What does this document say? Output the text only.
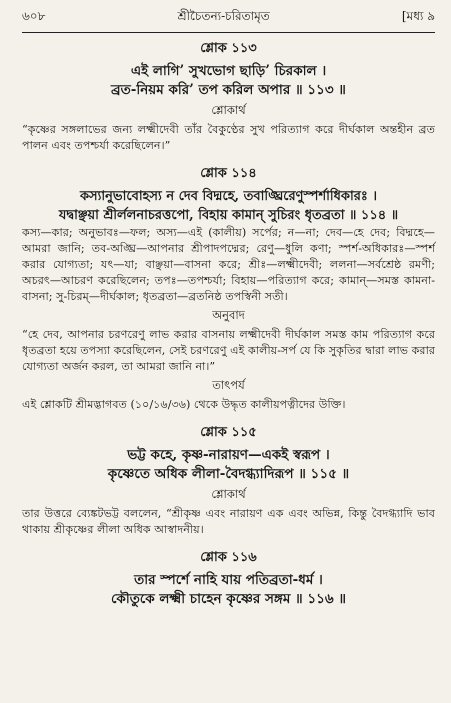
৬০৮	শ্রীচৈতন্য-চরিতামৃত	[মধ্য ৯
শ্লোক ১১৩
এই লাগি’ সুখভোগ ছাড়ি’ চিরকাল ।
ব্রত-নিয়ম করি’ তপ করিল অপার ॥ ১১৩ ॥
শ্লোকার্থ
“কৃষ্ণের সঙ্গলাভের জন্য লক্ষ্মীদেবী তাঁর বৈকুণ্ঠের সুখ পরিত্যাগ করে দীর্ঘকাল অন্তহীন ব্রত পালন এবং তপশ্চর্যা করেছিলেন।”
শ্লোক ১১৪
কস্যানুভাবোহস্য ন দেব বিদ্মহে, তবাঙ্ঘ্রিরেণুস্পর্শাধিকারঃ ।
যদ্বাঞ্ছয়া শ্রীর্ললনাচরত্তপো, বিহায় কামান্ সুচিরং ধৃতব্রতা ॥ ১১৪ ॥
কস্য—কার; অনুভাবঃ—ফল; অস্য—এই (কালীয়) সর্পের; ন—না; দেব—হে দেব; বিদ্মহে—আমরা জানি; তব-অঙ্ঘ্রি—আপনার শ্রীপাদপদ্মের; রেণু—ধুলি কণা; স্পর্শ-অধিকারঃ—স্পর্শ করার যোগ্যতা; যৎ—যা; বাঞ্ছয়া—বাসনা করে; শ্রীঃ—লক্ষ্মীদেবী; ললনা—সর্বশ্রেষ্ঠ রমণী; অচরৎ—আচরণ করেছিলেন; তপঃ—তপশ্চর্যা; বিহায়—পরিত্যাগ করে; কামান্—সমস্ত কামনা-বাসনা; সু-চিরম্—দীর্ঘকাল; ধৃতব্রতা—ব্রতনিষ্ঠ তপস্বিনী সতী।
অনুবাদ
“হে দেব, আপনার চরণরেণু লাভ করার বাসনায় লক্ষ্মীদেবী দীর্ঘকাল সমস্ত কাম পরিত্যাগ করে ধৃতব্রতা হয়ে তপস্যা করেছিলেন, সেই চরণরেণু এই কালীয়-সর্প যে কি সুকৃতির দ্বারা লাভ করার যোগ্যতা অর্জন করল, তা আমরা জানি না।”
তাৎপর্য
এই শ্লোকটি শ্রীমদ্ভাগবত (১০/১৬/৩৬) থেকে উদ্ধৃত কালীয়পত্নীদের উক্তি।
শ্লোক ১১৫
ভট্ট কহে, কৃষ্ণ-নারায়ণ—একই স্বরূপ ।
কৃষ্ণেতে অধিক লীলা-বৈদগ্ধ্যাদিরূপ ॥ ১১৫ ॥
শ্লোকার্থ
তার উত্তরে ব্যেঙ্কটভট্ট বললেন, “শ্রীকৃষ্ণ এবং নারায়ণ এক এবং অভিন্ন, কিন্তু বৈদগ্ধ্যাদি ভাব থাকায় শ্রীকৃষ্ণের লীলা অধিক আস্বাদনীয়।
শ্লোক ১১৬
তার স্পর্শে নাহি যায় পতিব্রতা-ধর্ম ।
কৌতুকে লক্ষ্মী চাহেন কৃষ্ণের সঙ্গম ॥ ১১৬ ॥
